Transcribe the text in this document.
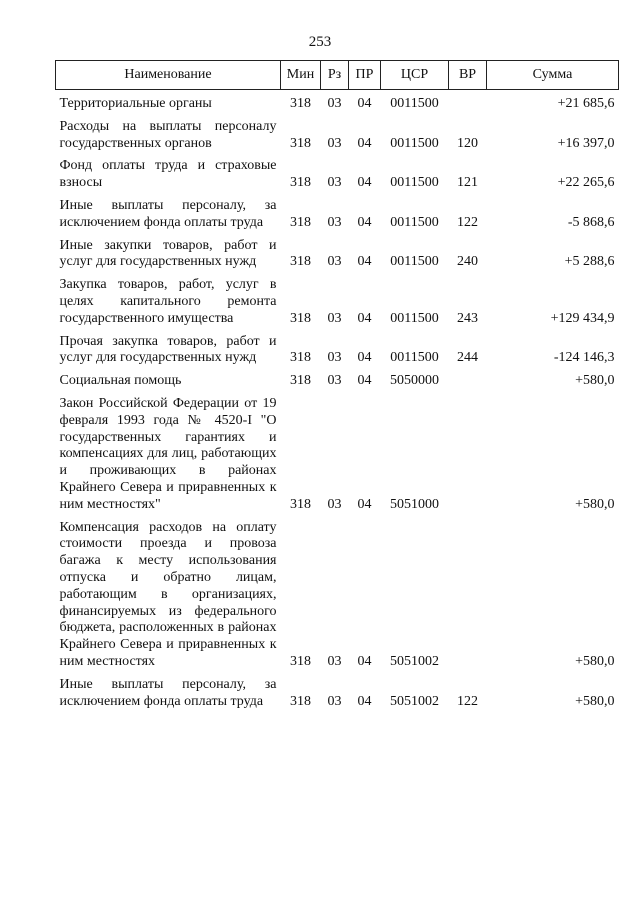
253
Наименование	Мин	Рз	ПР	ЦСР	ВР	Сумма
Территориальные органы	318	03	04	0011500		+21 685,6
Расходы на выплаты персоналу государственных органов	318	03	04	0011500	120	+16 397,0
Фонд оплаты труда и страховые взносы	318	03	04	0011500	121	+22 265,6
Иные выплаты персоналу, за исключением фонда оплаты труда	318	03	04	0011500	122	-5 868,6
Иные закупки товаров, работ и услуг для государственных нужд	318	03	04	0011500	240	+5 288,6
Закупка товаров, работ, услуг в целях капитального ремонта государственного имущества	318	03	04	0011500	243	+129 434,9
Прочая закупка товаров, работ и услуг для государственных нужд	318	03	04	0011500	244	-124 146,3
Социальная помощь	318	03	04	5050000		+580,0
Закон Российской Федерации от 19 февраля 1993 года № 4520-I "О государственных гарантиях и компенсациях для лиц, работающих и проживающих в районах Крайнего Севера и приравненных к ним местностях"	318	03	04	5051000		+580,0
Компенсация расходов на оплату стоимости проезда и провоза багажа к месту использования отпуска и обратно лицам, работающим в организациях, финансируемых из федерального бюджета, расположенных в районах Крайнего Севера и приравненных к ним местностях	318	03	04	5051002		+580,0
Иные выплаты персоналу, за исключением фонда оплаты труда	318	03	04	5051002	122	+580,0
